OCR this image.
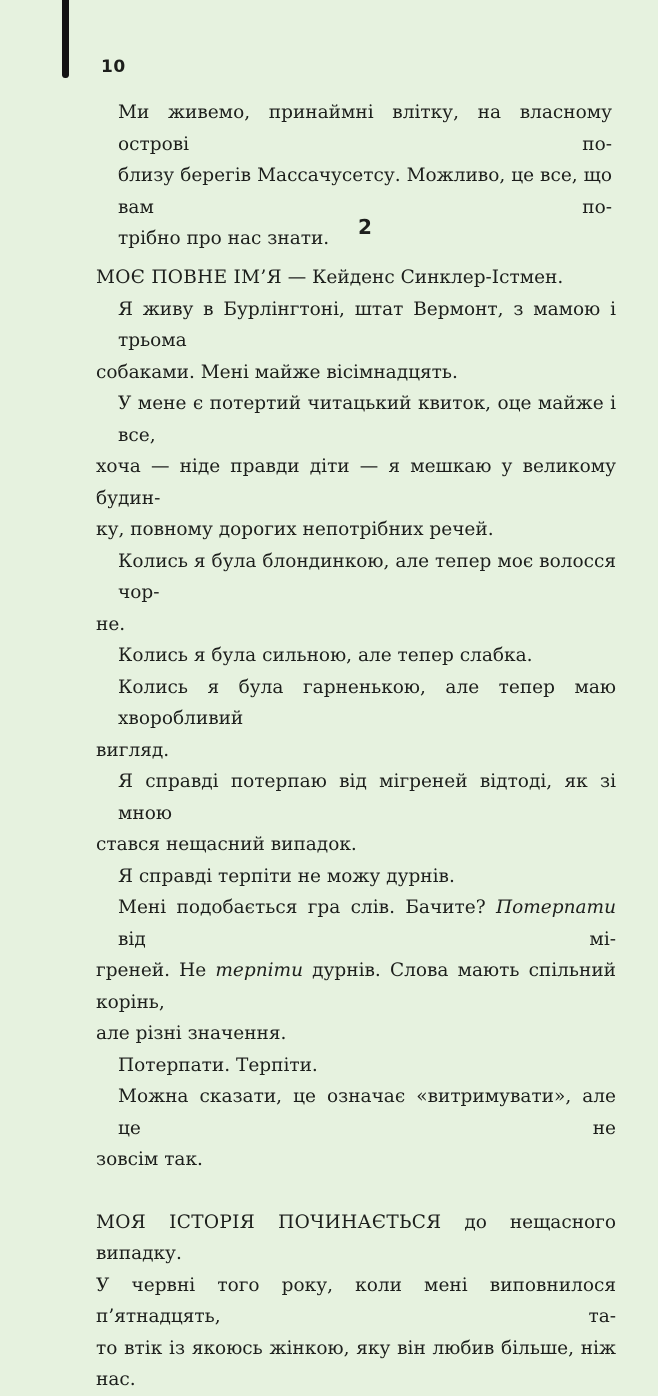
10
Ми живемо, принаймні влітку, на власному острові по-
близу берегів Массачусетсу. Можливо, це все, що вам по-
трібно про нас знати.	2
МОЄ ПОВНЕ ІМ’Я — Кейденс Синклер-Істмен.
Я живу в Бурлінгтоні, штат Вермонт, з мамою і трьома
собаками. Мені майже вісімнадцять.
У мене є потертий читацький квиток, оце майже і все,
хоча — ніде правди діти — я мешкаю у великому будин-
ку, повному дорогих непотрібних речей.
Колись я була блондинкою, але тепер моє волосся чор-
не.
Колись я була сильною, але тепер слабка.
Колись я була гарненькою, але тепер маю хворобливий
вигляд.
Я справді потерпаю від мігреней відтоді, як зі мною
стався нещасний випадок.
Я справді терпіти не можу дурнів.
Мені подобається гра слів. Бачите? Потерпати від мі-
греней. Не терпіти дурнів. Слова мають спільний корінь,
але різні значення.
Потерпати. Терпіти.
Можна сказати, це означає «витримувати», але це не
зовсім так.
МОЯ ІСТОРІЯ ПОЧИНАЄТЬСЯ до нещасного випадку.
У червні того року, коли мені виповнилося п’ятнадцять, та-
то втік із якоюсь жінкою, яку він любив більше, ніж нас.
